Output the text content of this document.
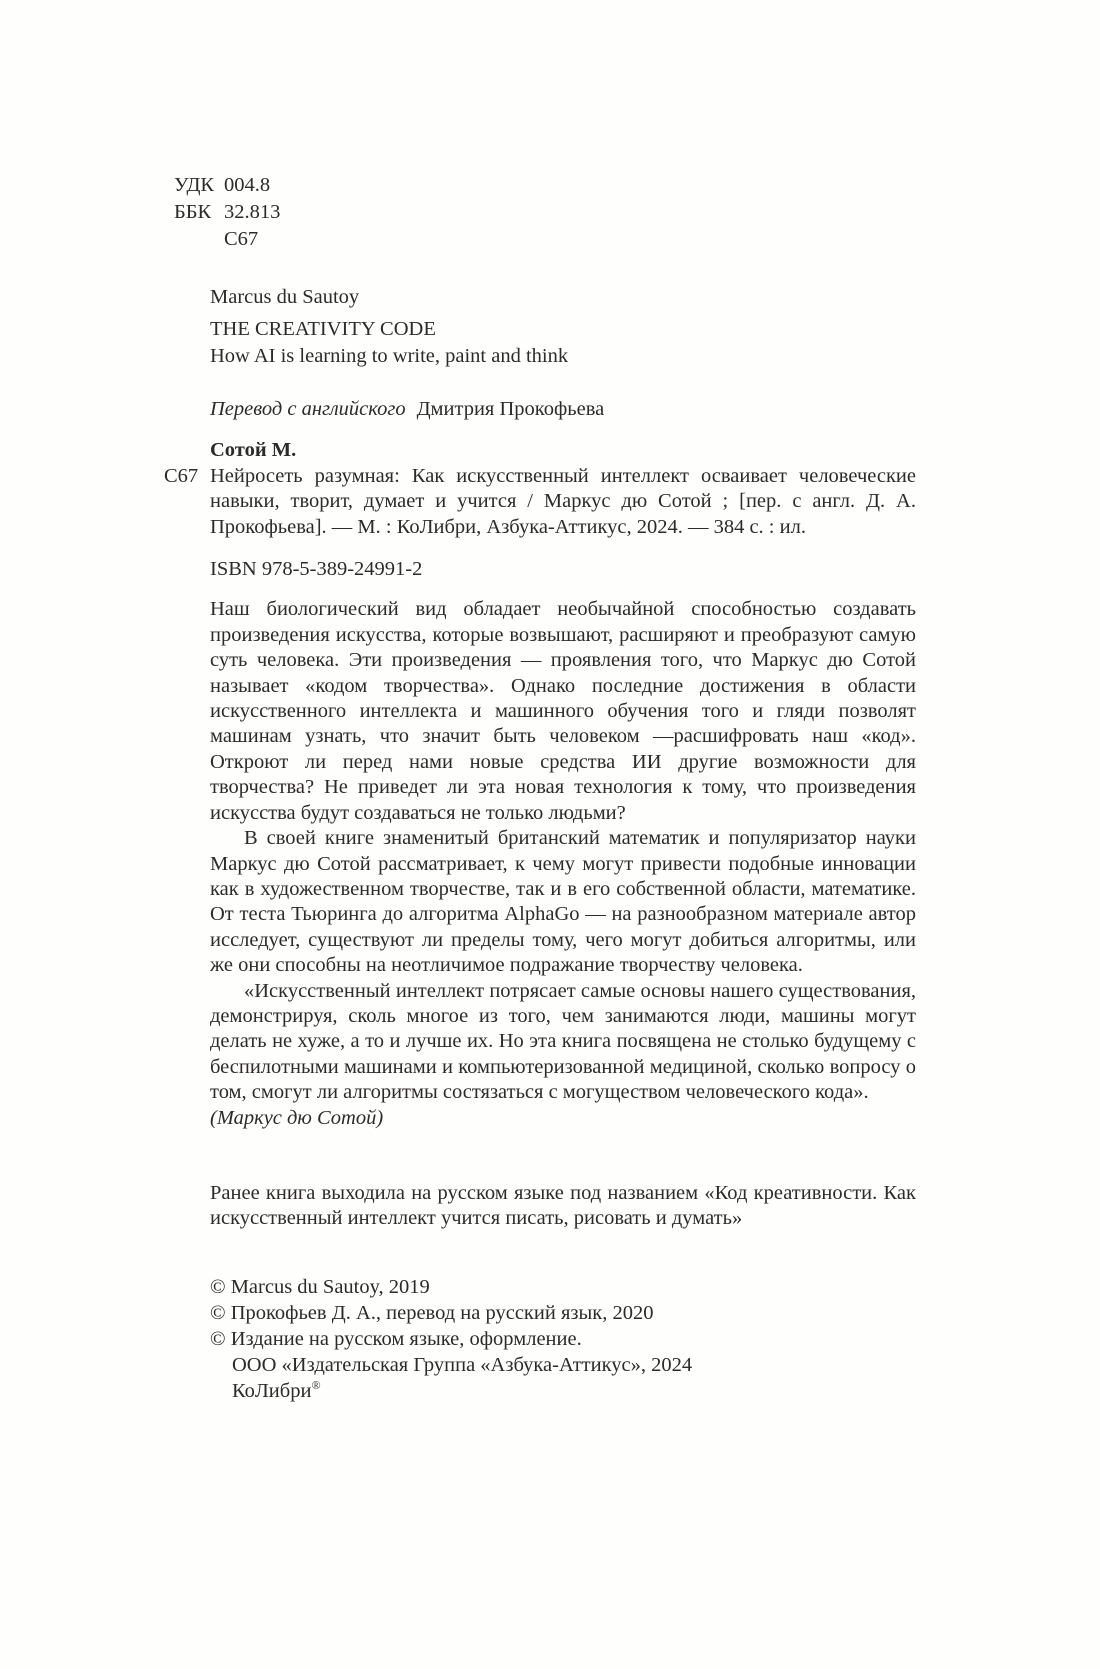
УДК 004.8
ББК 32.813
С67
Marcus du Sautoy
THE CREATIVITY CODE
How AI is learning to write, paint and think
Перевод с английского Дмитрия Прокофьева
Сотой М.
С67 Нейросеть разумная: Как искусственный интеллект осваивает человеческие навыки, творит, думает и учится / Маркус дю Сотой ; [пер. с англ. Д. А. Прокофьева]. — М. : КоЛибри, Азбука-Аттикус, 2024. — 384 с. : ил.
ISBN 978-5-389-24991-2

Наш биологический вид обладает необычайной способностью создавать произведения искусства, которые возвышают, расширяют и преобразуют самую суть человека. Эти произведения — проявления того, что Маркус дю Сотой называет «кодом творчества». Однако последние достижения в области искусственного интеллекта и машинного обучения того и гляди позволят машинам узнать, что значит быть человеком —расшифровать наш «код». Откроют ли перед нами новые средства ИИ другие возможности для творчества? Не приведет ли эта новая технология к тому, что произведения искусства будут создаваться не только людьми?

В своей книге знаменитый британский математик и популяризатор науки Маркус дю Сотой рассматривает, к чему могут привести подобные инновации как в художественном творчестве, так и в его собственной области, математике. От теста Тьюринга до алгоритма AlphaGo — на разнообразном материале автор исследует, существуют ли пределы тому, чего могут добиться алгоритмы, или же они способны на неотличимое подражание творчеству человека.

«Искусственный интеллект потрясает самые основы нашего существования, демонстрируя, сколь многое из того, чем занимаются люди, машины могут делать не хуже, а то и лучше их. Но эта книга посвящена не столько будущему с беспилотными машинами и компьютеризованной медициной, сколько вопросу о том, смогут ли алгоритмы состязаться с могуществом человеческого кода».

(Маркус дю Сотой)

Ранее книга выходила на русском языке под названием «Код креативности. Как искусственный интеллект учится писать, рисовать и думать»

© Marcus du Sautoy, 2019
© Прокофьев Д. А., перевод на русский язык, 2020
© Издание на русском языке, оформление.
ООО «Издательская Группа «Азбука-Аттикус», 2024
КоЛибри®
